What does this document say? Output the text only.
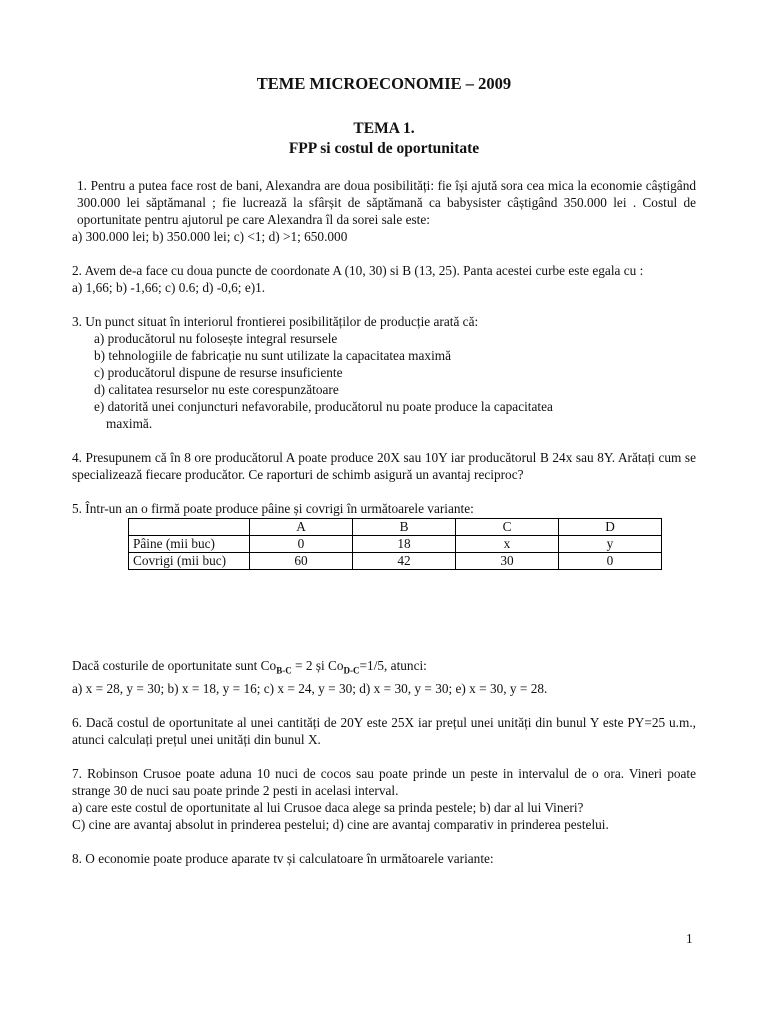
TEME MICROECONOMIE – 2009
TEMA 1.
FPP si costul de oportunitate

1. Pentru a putea face rost de bani, Alexandra are doua posibilități: fie își ajută sora cea mica la economie câștigând 300.000 lei săptămanal ; fie lucrează la sfârșit de săptămană ca babysister câștigând 350.000 lei . Costul de oportunitate pentru ajutorul pe care Alexandra îl da sorei sale este:

a) 300.000 lei; b) 350.000 lei; c) <1; d) >1; 650.000

2. Avem de-a face cu doua puncte de coordonate A (10, 30) si B (13, 25). Panta acestei curbe este egala cu :

a) 1,66; b) -1,66; c) 0.6; d) -0,6; e)1.

3. Un punct situat în interiorul frontierei posibilităților de producție arată că:

a) producătorul nu folosește integral resursele

b) tehnologiile de fabricație nu sunt utilizate la capacitatea maximă

c) producătorul dispune de resurse insuficiente

d) calitatea resurselor nu este corespunzătoare

e) datorită unei conjuncturi nefavorabile, producătorul nu poate produce la capacitatea

maximă.

4. Presupunem că în 8 ore producătorul A poate produce 20X sau 10Y iar producătorul B 24x sau 8Y. Arătați cum se specializează fiecare producător. Ce raporturi de schimb asigură un avantaj reciproc?

5. Într-un an o firmă poate produce pâine și covrigi în următoarele variante:

	A	B	C	D
Pâine (mii buc)	0	18	x	y
Covrigi (mii buc)	60	42	30	0

Dacă costurile de oportunitate sunt $Co_{B-C} = 2$ și $Co_{D-C}=1/5$, atunci:

a) x = 28, y = 30; b) x = 18, y = 16; c) x = 24, y = 30; d) x = 30, y = 30; e) x = 30, y = 28.

6. Dacă costul de oportunitate al unei cantități de 20Y este 25X iar prețul unei unități din bunul Y este PY=25 u.m., atunci calculați prețul unei unități din bunul X.

7. Robinson Crusoe poate aduna 10 nuci de cocos sau poate prinde un peste in intervalul de o ora. Vineri poate strange 30 de nuci sau poate prinde 2 pesti in acelasi interval.

a) care este costul de oportunitate al lui Crusoe daca alege sa prinda pestele; b) dar al lui Vineri?

C) cine are avantaj absolut in prinderea pestelui; d) cine are avantaj comparativ in prinderea pestelui.

8. O economie poate produce aparate tv și calculatoare în următoarele variante:

1
